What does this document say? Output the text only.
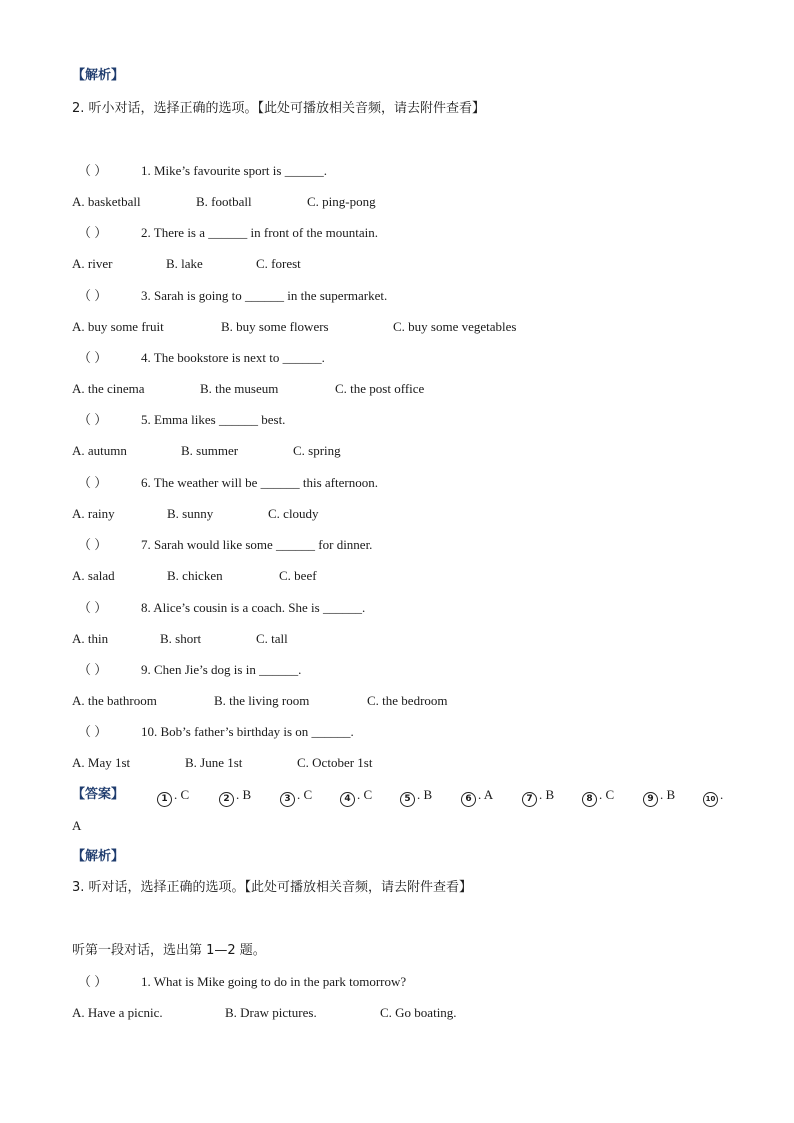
【解析】
2. 听小对话，选择正确的选项。【此处可播放相关音频，请去附件查看】
（ ）	1. Mike’s favourite sport is ______.
A. basketball	B. football	C. ping-pong
（ ）	2. There is a ______ in front of the mountain.
A. river	B. lake	C. forest
（ ）	3. Sarah is going to ______ in the supermarket.
A. buy some fruit	B. buy some flowers	C. buy some vegetables
（ ）	4. The bookstore is next to ______.
A. the cinema	B. the museum	C. the post office
（ ）	5. Emma likes ______ best.
A. autumn	B. summer	C. spring
（ ）	6. The weather will be ______ this afternoon.
A. rainy	B. sunny	C. cloudy
（ ）	7. Sarah would like some ______ for dinner.
A. salad	B. chicken	C. beef
（ ）	8. Alice’s cousin is a coach. She is ______.
A. thin	B. short	C. tall
（ ）	9. Chen Jie’s dog is in ______.
A. the bathroom	B. the living room	C. the bedroom
（ ）	10. Bob’s father’s birthday is on ______.
A. May 1st	B. June 1st	C. October 1st
【答案】	1 . C	2 . B	3 . C	4 . C	5 . B	6 . A	7 . B	8 . C	9 . B	10 .
A
【解析】
3. 听对话，选择正确的选项。【此处可播放相关音频，请去附件查看】
听第一段对话，选出第 1—2 题。
（ ）	1. What is Mike going to do in the park tomorrow?
A. Have a picnic.	B. Draw pictures.	C. Go boating.
